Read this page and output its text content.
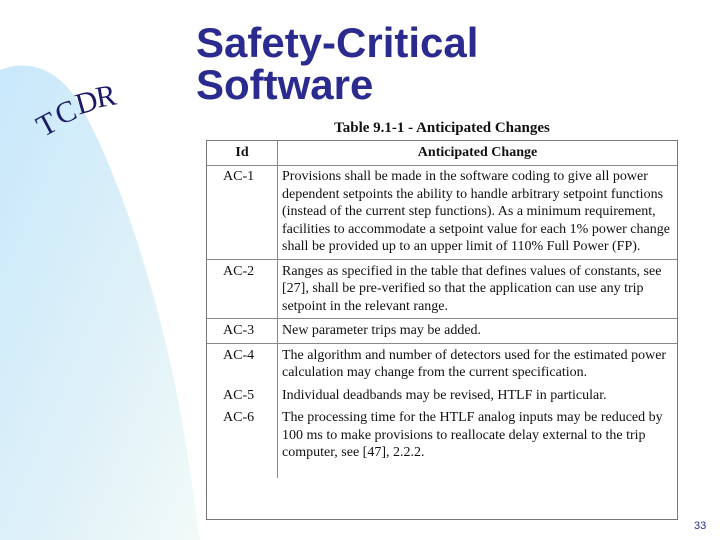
T
C
D
R
Safety-Critical
Software
Table 9.1-1 - Anticipated Changes
Id	Anticipated Change
AC-1	Provisions shall be made in the software coding to give all power dependent setpoints the ability to handle arbitrary setpoint functions (instead of the current step functions). As a minimum requirement, facilities to accommodate a setpoint value for each 1% power change shall be provided up to an upper limit of 110% Full Power (FP).
AC-2	Ranges as specified in the table that defines values of constants, see [27], shall be pre-verified so that the application can use any trip setpoint in the relevant range.
AC-3	New parameter trips may be added.
AC-4	The algorithm and number of detectors used for the estimated power calculation may change from the current specification.
AC-5	Individual deadbands may be revised, HTLF in particular.
AC-6	The processing time for the HTLF analog inputs may be reduced by 100 ms to make provisions to reallocate delay external to the trip computer, see [47], 2.2.2.
33
